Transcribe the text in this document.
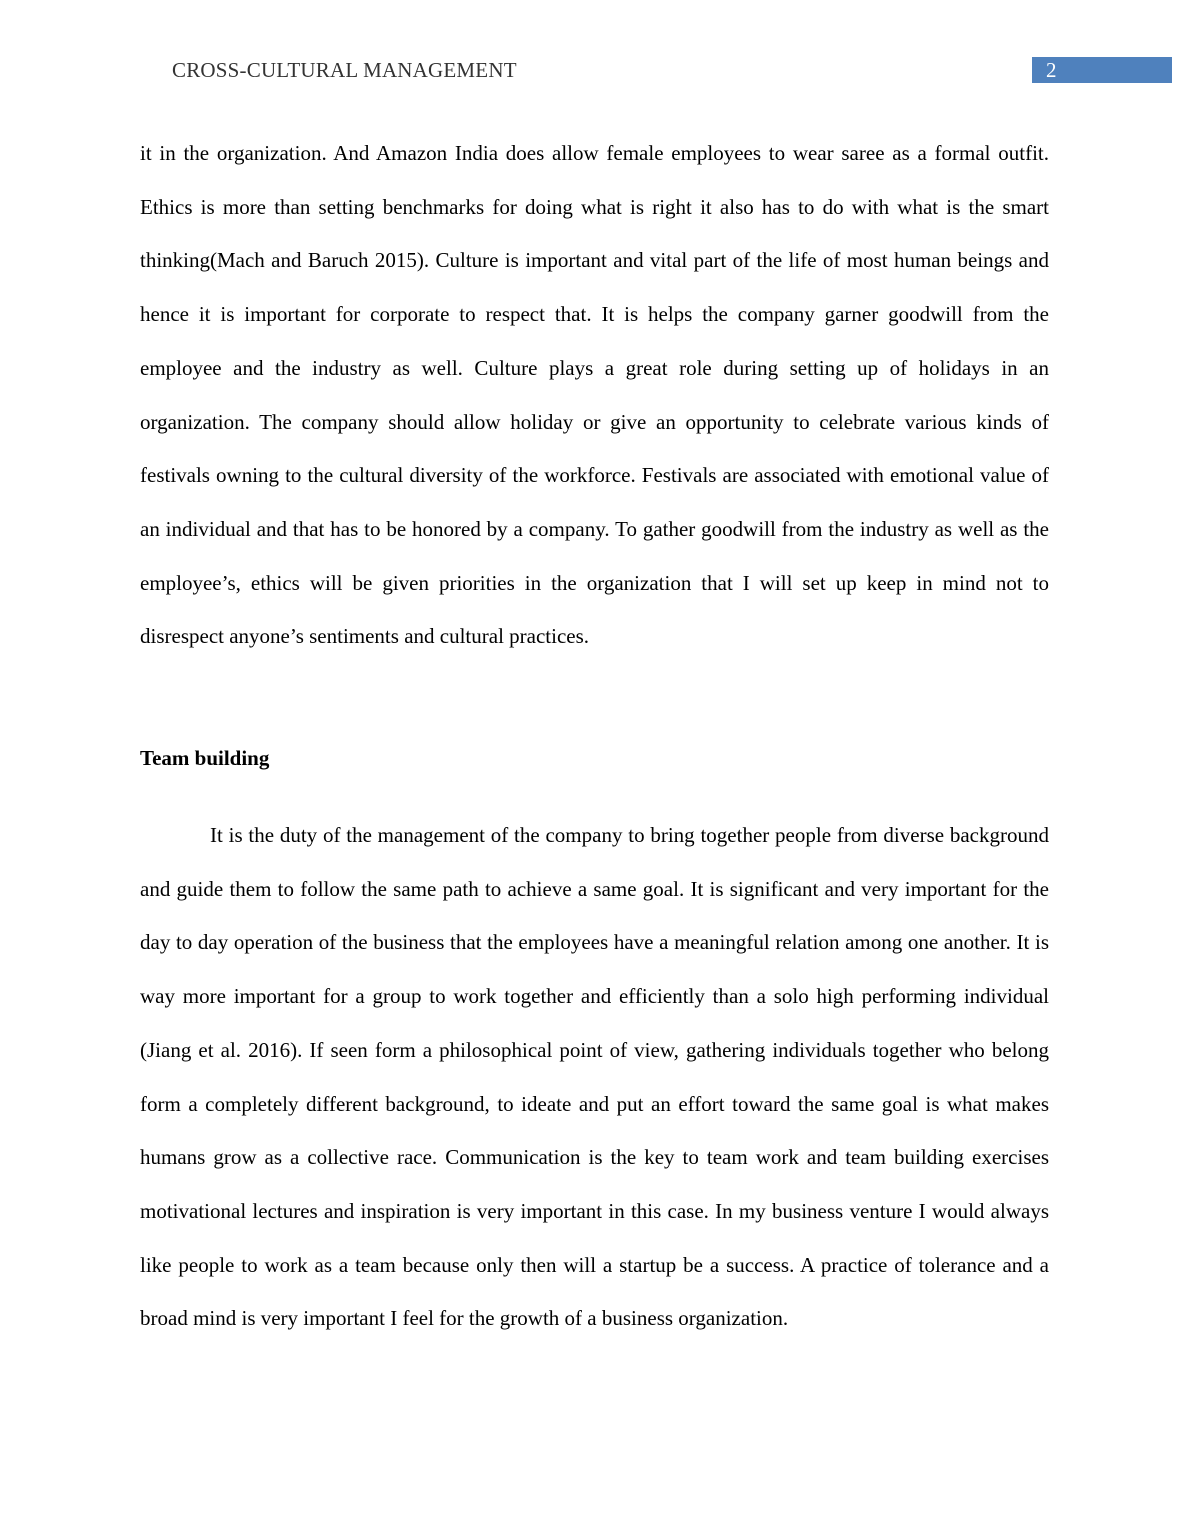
CROSS-CULTURAL MANAGEMENT	2

it in the organization. And Amazon India does allow female employees to wear saree as a formal outfit. Ethics is more than setting benchmarks for doing what is right it also has to do with what is the smart thinking(Mach and Baruch 2015). Culture is important and vital part of the life of most human beings and hence it is important for corporate to respect that. It is helps the company garner goodwill from the employee and the industry as well. Culture plays a great role during setting up of holidays in an organization. The company should allow holiday or give an opportunity to celebrate various kinds of festivals owning to the cultural diversity of the workforce. Festivals are associated with emotional value of an individual and that has to be honored by a company. To gather goodwill from the industry as well as the employee’s, ethics will be given priorities in the organization that I will set up keep in mind not to disrespect anyone’s sentiments and cultural practices.

Team building

It is the duty of the management of the company to bring together people from diverse background and guide them to follow the same path to achieve a same goal. It is significant and very important for the day to day operation of the business that the employees have a meaningful relation among one another. It is way more important for a group to work together and efficiently than a solo high performing individual (Jiang et al. 2016). If seen form a philosophical point of view, gathering individuals together who belong form a completely different background, to ideate and put an effort toward the same goal is what makes humans grow as a collective race. Communication is the key to team work and team building exercises motivational lectures and inspiration is very important in this case. In my business venture I would always like people to work as a team because only then will a startup be a success. A practice of tolerance and a broad mind is very important I feel for the growth of a business organization.
